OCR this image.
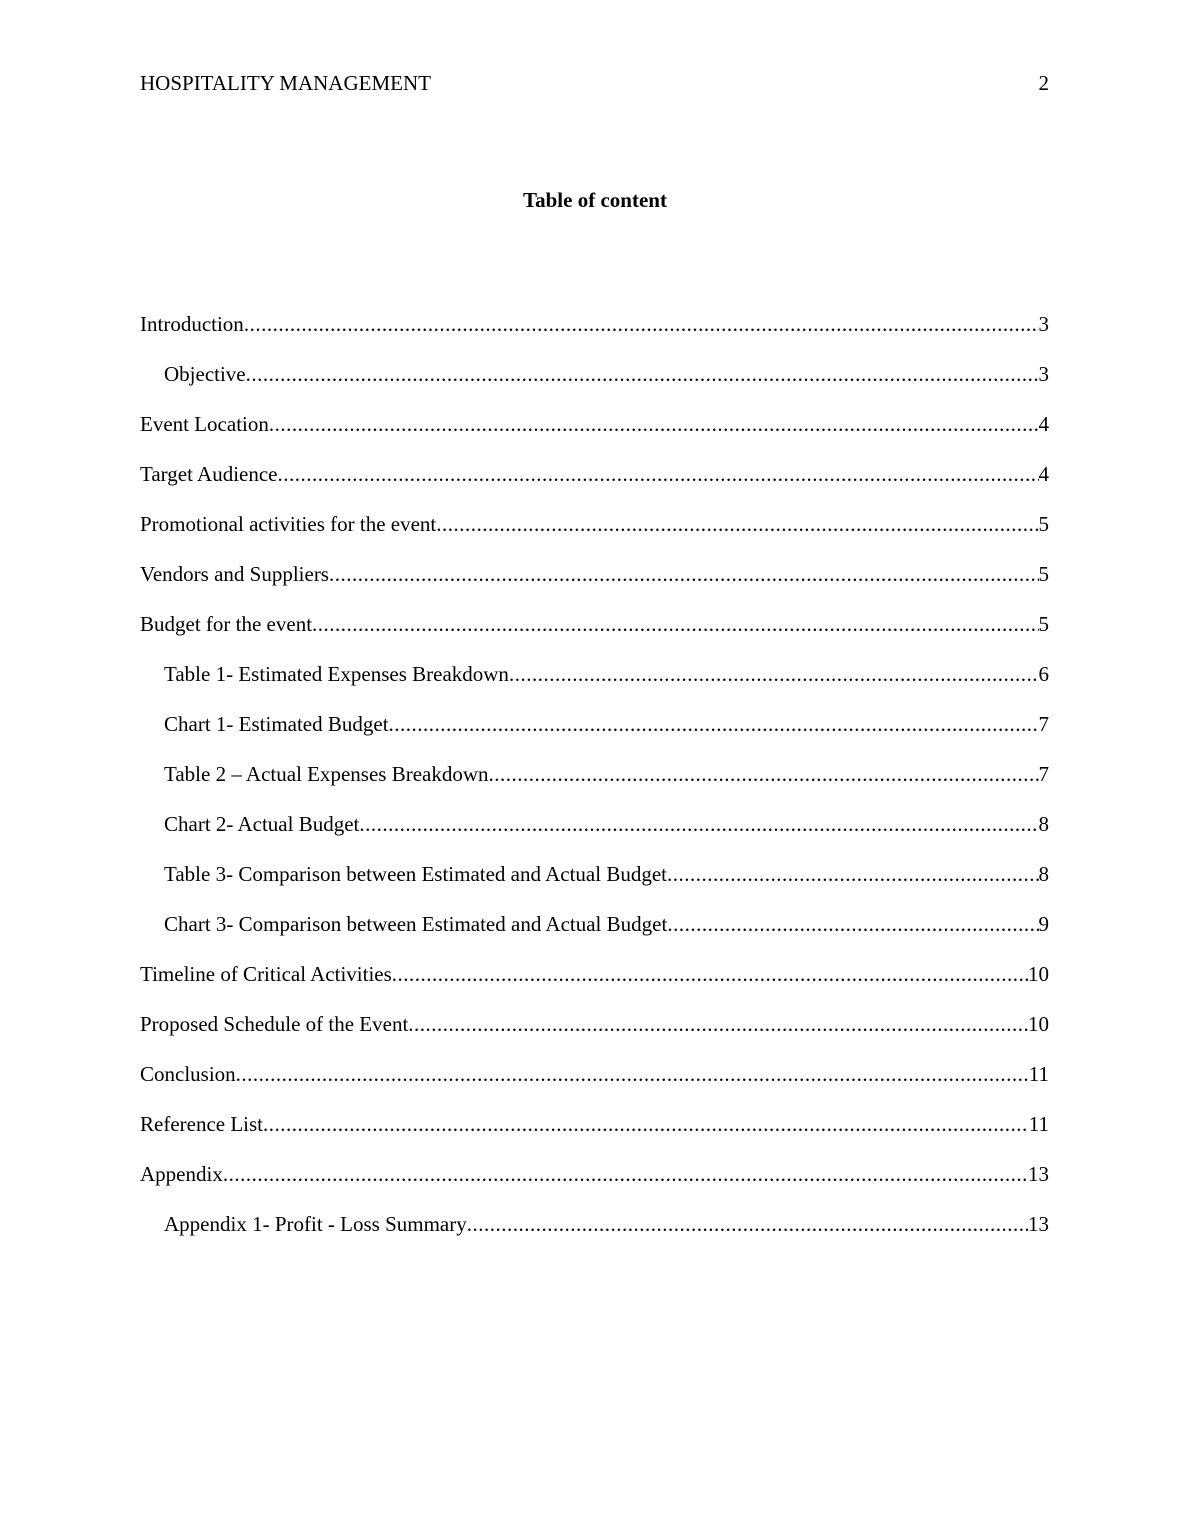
HOSPITALITY MANAGEMENT	2
Table of content
Introduction .....	3
Objective .....	3
Event Location .....	4
Target Audience .....	4
Promotional activities for the event .....	5
Vendors and Suppliers .....	5
Budget for the event .....	5
Table 1- Estimated Expenses Breakdown .....	6
Chart 1- Estimated Budget .....	7
Table 2 – Actual Expenses Breakdown .....	7
Chart 2- Actual Budget .....	8
Table 3- Comparison between Estimated and Actual Budget .....	8
Chart 3- Comparison between Estimated and Actual Budget .....	9
Timeline of Critical Activities .....	10
Proposed Schedule of the Event .....	10
Conclusion .....	11
Reference List .....	11
Appendix .....	13
Appendix 1- Profit - Loss Summary .....	13
